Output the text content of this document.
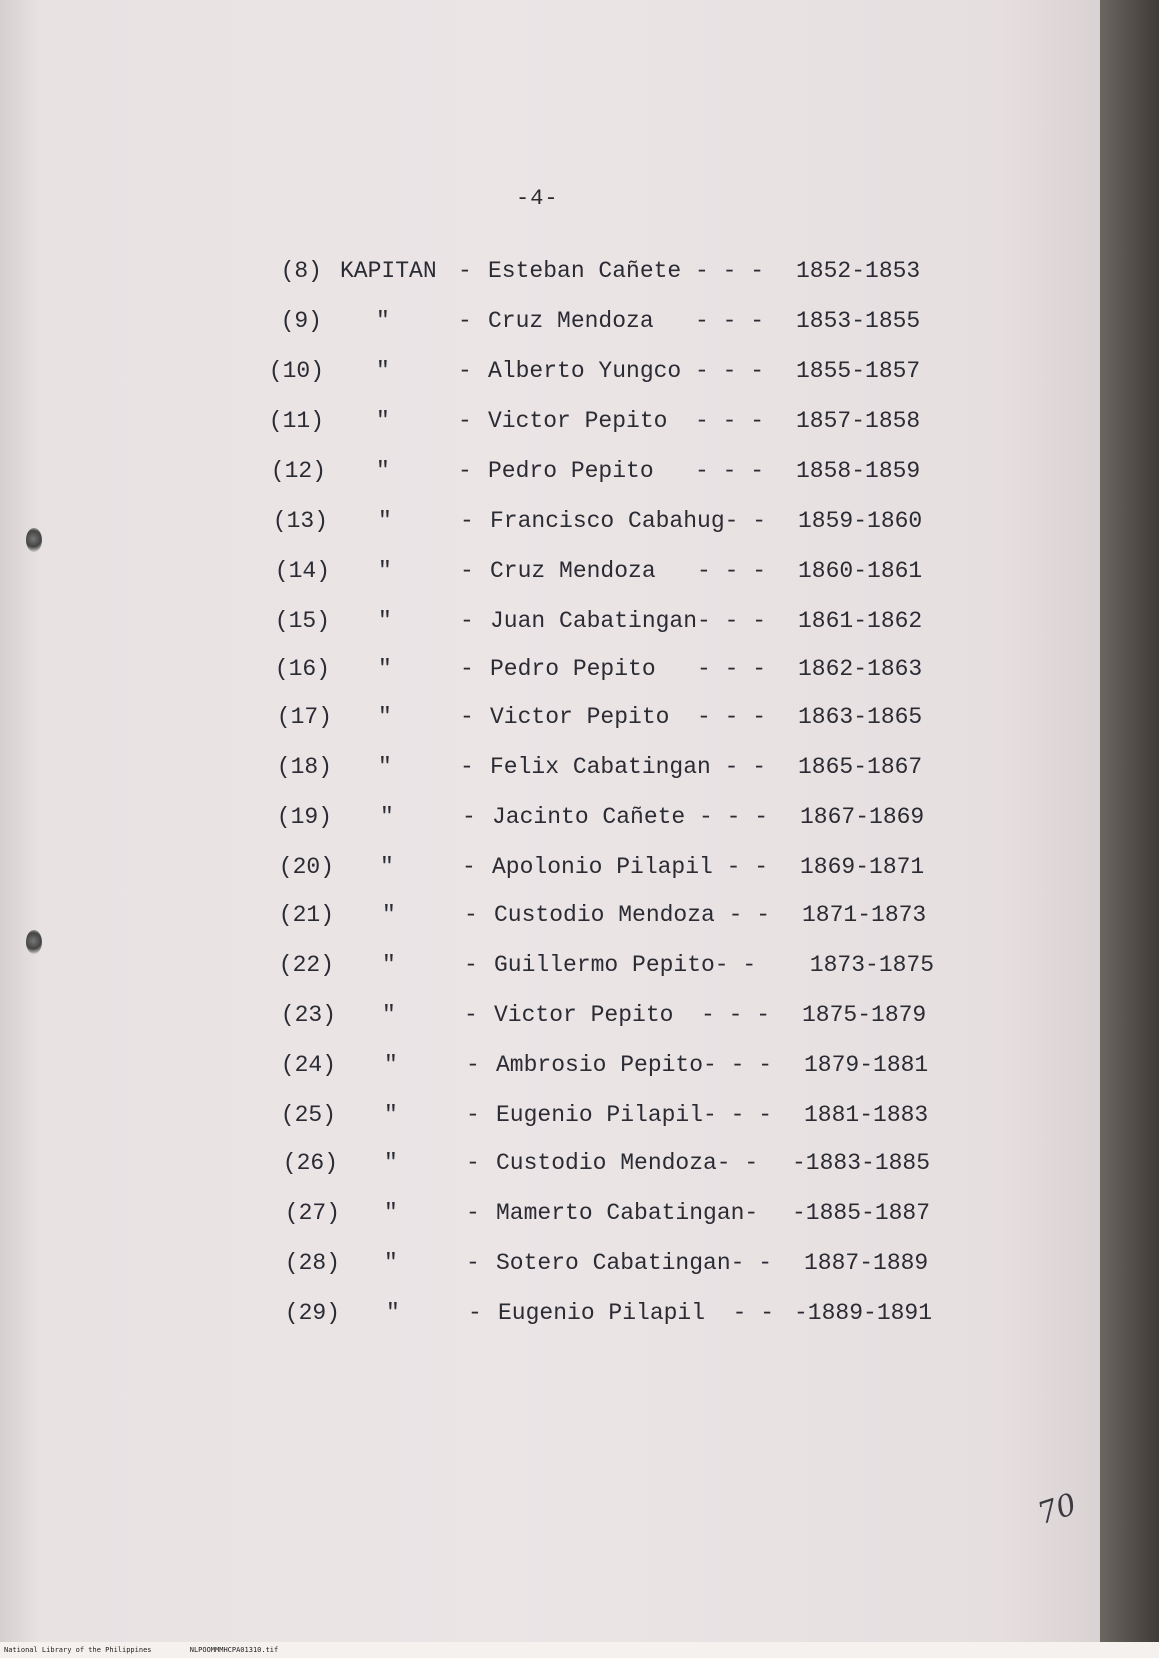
-4-
(8) KAPITAN - Esteban Cañete - - - 1852-1853
(9) "	- Cruz Mendoza - - - 1853-1855
(10) "	- Alberto Yungco - - - 1855-1857
(11) "	- Victor Pepito - - - 1857-1858
(12) "	- Pedro Pepito - - - 1858-1859
(13) "	- Francisco Cabahug - - 1859-1860
(14) "	- Cruz Mendoza - - - 1860-1861
(15) "	- Juan Cabatingan - - - 1861-1862
(16) "	- Pedro Pepito - - - 1862-1863
(17) "	- Victor Pepito - - - 1863-1865
(18) "	- Felix Cabatingan - - 1865-1867
(19) "	- Jacinto Cañete - - - 1867-1869
(20) "	- Apolonio Pilapil - - 1869-1871
(21) "	- Custodio Mendoza - - 1871-1873
(22) "	- Guillermo Pepito - - 1873-1875
(23) "	- Victor Pepito - - - 1875-1879
(24) "	- Ambrosio Pepito - - - 1879-1881
(25) "	- Eugenio Pilapil - - - 1881-1883
(26) "	- Custodio Mendoza - - -1883-1885
(27) "	- Mamerto Cabatingan - -1885-1887
(28) "	- Sotero Cabatingan - - 1887-1889
(29) "	- Eugenio Pilapil - - -1889-1891
70
National Library of the Philippines	NLPOOMMMHCPA01310.tif
